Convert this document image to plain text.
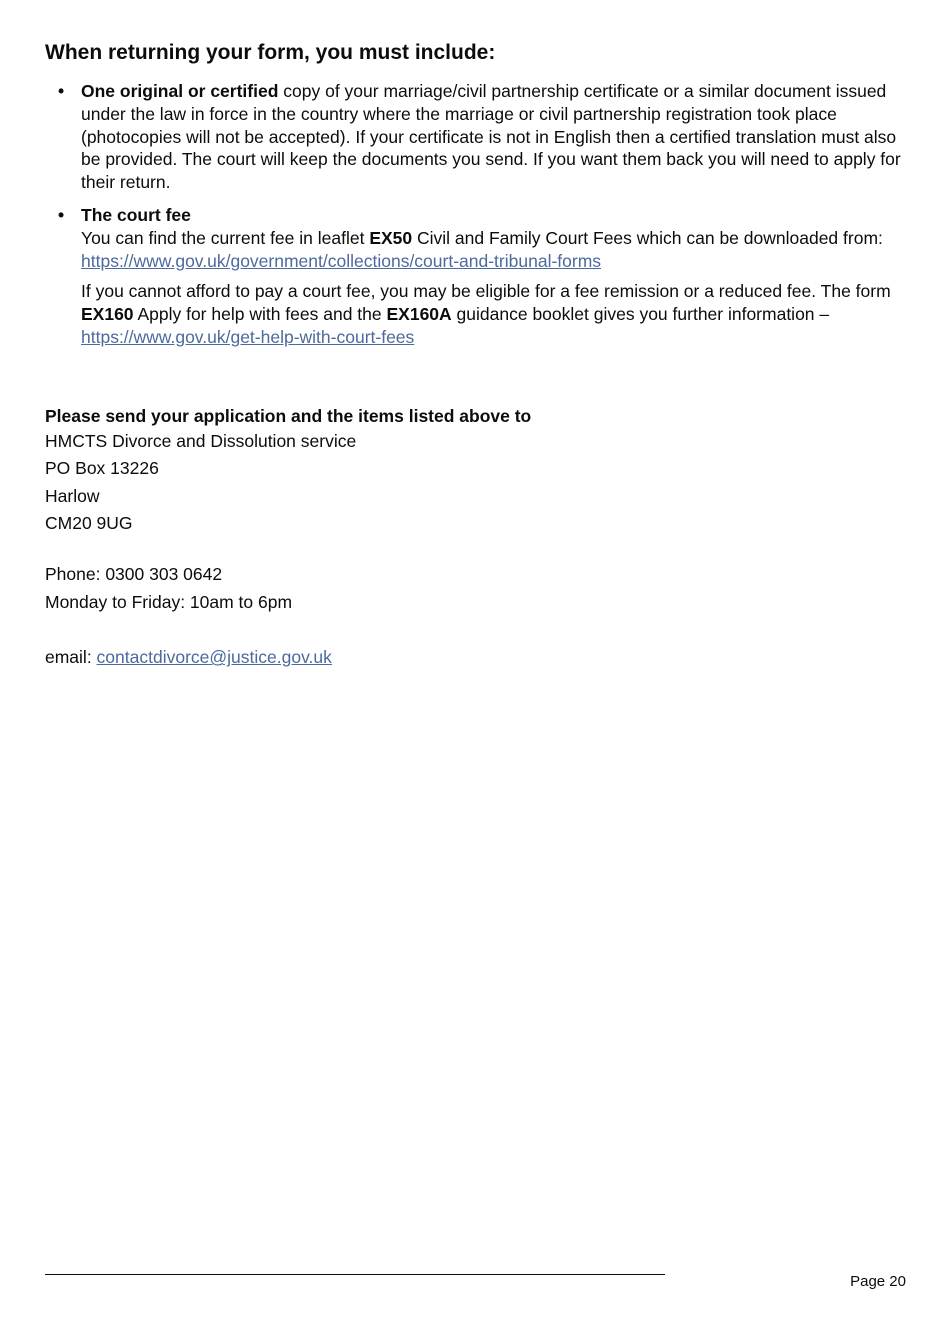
When returning your form, you must include:
• One original or certified copy of your marriage/civil partnership certificate or a similar document issued under the law in force in the country where the marriage or civil partnership registration took place (photocopies will not be accepted). If your certificate is not in English then a certified translation must also be provided. The court will keep the documents you send. If you want them back you will need to apply for their return.
• The court fee
You can find the current fee in leaflet EX50 Civil and Family Court Fees which can be downloaded from: https://www.gov.uk/government/collections/court-and-tribunal-forms
If you cannot afford to pay a court fee, you may be eligible for a fee remission or a reduced fee. The form EX160 Apply for help with fees and the EX160A guidance booklet gives you further information – https://www.gov.uk/get-help-with-court-fees
Please send your application and the items listed above to
HMCTS Divorce and Dissolution service
PO Box 13226
Harlow
CM20 9UG
Phone: 0300 303 0642
Monday to Friday: 10am to 6pm
email: contactdivorce@justice.gov.uk
Page 20
